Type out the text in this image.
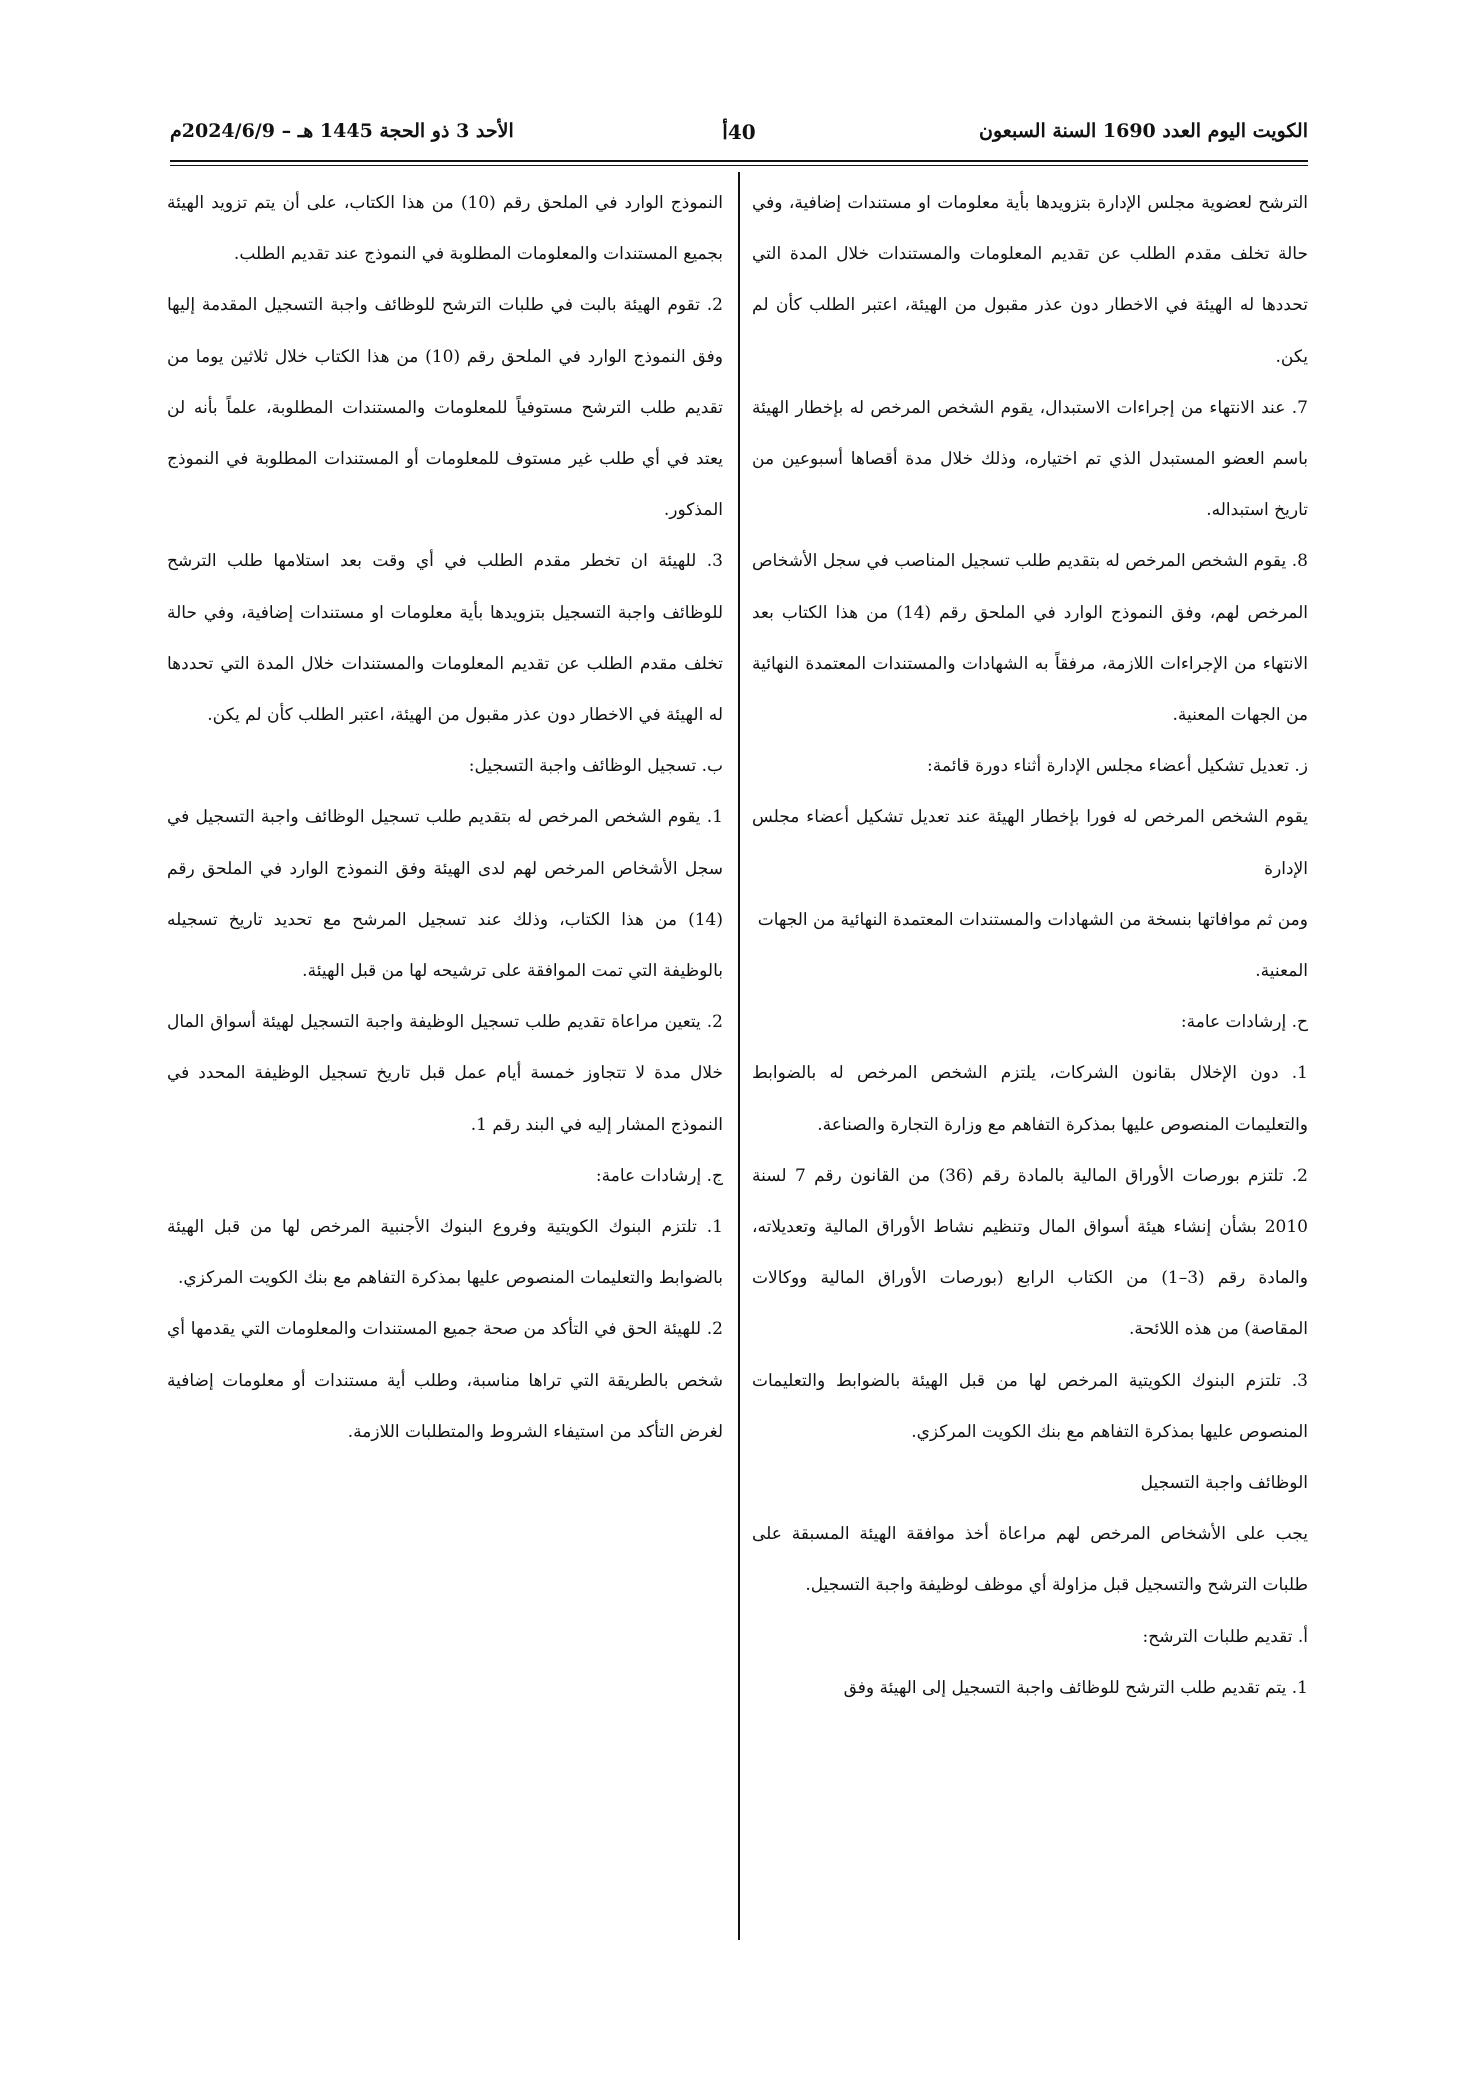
الكويت اليوم العدد 1690 السنة السبعون
40أ
الأحد 3 ذو الحجة 1445 هـ – 2024/6/9م

الترشح لعضوية مجلس الإدارة بتزويدها بأية معلومات او مستندات إضافية، وفي حالة تخلف مقدم الطلب عن تقديم المعلومات والمستندات خلال المدة التي تحددها له الهيئة في الاخطار دون عذر مقبول من الهيئة، اعتبر الطلب كأن لم يكن.

7. عند الانتهاء من إجراءات الاستبدال، يقوم الشخص المرخص له بإخطار الهيئة باسم العضو المستبدل الذي تم اختياره، وذلك خلال مدة أقصاها أسبوعين من تاريخ استبداله.

8. يقوم الشخص المرخص له بتقديم طلب تسجيل المناصب في سجل الأشخاص المرخص لهم، وفق النموذج الوارد في الملحق رقم (14) من هذا الكتاب بعد الانتهاء من الإجراءات اللازمة، مرفقاً به الشهادات والمستندات المعتمدة النهائية من الجهات المعنية.

ز. تعديل تشكيل أعضاء مجلس الإدارة أثناء دورة قائمة:

يقوم الشخص المرخص له فورا بإخطار الهيئة عند تعديل تشكيل أعضاء مجلس الإدارة

ومن ثم موافاتها بنسخة من الشهادات والمستندات المعتمدة النهائية من الجهات

المعنية.

ح. إرشادات عامة:

1. دون الإخلال بقانون الشركات، يلتزم الشخص المرخص له بالضوابط والتعليمات المنصوص عليها بمذكرة التفاهم مع وزارة التجارة والصناعة.

2. تلتزم بورصات الأوراق المالية بالمادة رقم (36) من القانون رقم 7 لسنة 2010 بشأن إنشاء هيئة أسواق المال وتنظيم نشاط الأوراق المالية وتعديلاته، والمادة رقم (3–1) من الكتاب الرابع (بورصات الأوراق المالية ووكالات المقاصة) من هذه اللائحة.

3. تلتزم البنوك الكويتية المرخص لها من قبل الهيئة بالضوابط والتعليمات المنصوص عليها بمذكرة التفاهم مع بنك الكويت المركزي.

الوظائف واجبة التسجيل

يجب على الأشخاص المرخص لهم مراعاة أخذ موافقة الهيئة المسبقة على طلبات الترشح والتسجيل قبل مزاولة أي موظف لوظيفة واجبة التسجيل.

أ. تقديم طلبات الترشح:

1. يتم تقديم طلب الترشح للوظائف واجبة التسجيل إلى الهيئة وفق

النموذج الوارد في الملحق رقم (10) من هذا الكتاب، على أن يتم تزويد الهيئة بجميع المستندات والمعلومات المطلوبة في النموذج عند تقديم الطلب.

2. تقوم الهيئة بالبت في طلبات الترشح للوظائف واجبة التسجيل المقدمة إليها وفق النموذج الوارد في الملحق رقم (10) من هذا الكتاب خلال ثلاثين يوما من تقديم طلب الترشح مستوفياً للمعلومات والمستندات المطلوبة، علماً بأنه لن يعتد في أي طلب غير مستوف للمعلومات أو المستندات المطلوبة في النموذج المذكور.

3. للهيئة ان تخطر مقدم الطلب في أي وقت بعد استلامها طلب الترشح للوظائف واجبة التسجيل بتزويدها بأية معلومات او مستندات إضافية، وفي حالة تخلف مقدم الطلب عن تقديم المعلومات والمستندات خلال المدة التي تحددها له الهيئة في الاخطار دون عذر مقبول من الهيئة، اعتبر الطلب كأن لم يكن.

ب. تسجيل الوظائف واجبة التسجيل:

1. يقوم الشخص المرخص له بتقديم طلب تسجيل الوظائف واجبة التسجيل في سجل الأشخاص المرخص لهم لدى الهيئة وفق النموذج الوارد في الملحق رقم (14) من هذا الكتاب، وذلك عند تسجيل المرشح مع تحديد تاريخ تسجيله بالوظيفة التي تمت الموافقة على ترشيحه لها من قبل الهيئة.

2. يتعين مراعاة تقديم طلب تسجيل الوظيفة واجبة التسجيل لهيئة أسواق المال خلال مدة لا تتجاوز خمسة أيام عمل قبل تاريخ تسجيل الوظيفة المحدد في النموذج المشار إليه في البند رقم 1.

ج. إرشادات عامة:

1. تلتزم البنوك الكويتية وفروع البنوك الأجنبية المرخص لها من قبل الهيئة بالضوابط والتعليمات المنصوص عليها بمذكرة التفاهم مع بنك الكويت المركزي.

2. للهيئة الحق في التأكد من صحة جميع المستندات والمعلومات التي يقدمها أي شخص بالطريقة التي تراها مناسبة، وطلب أية مستندات أو معلومات إضافية لغرض التأكد من استيفاء الشروط والمتطلبات اللازمة.
